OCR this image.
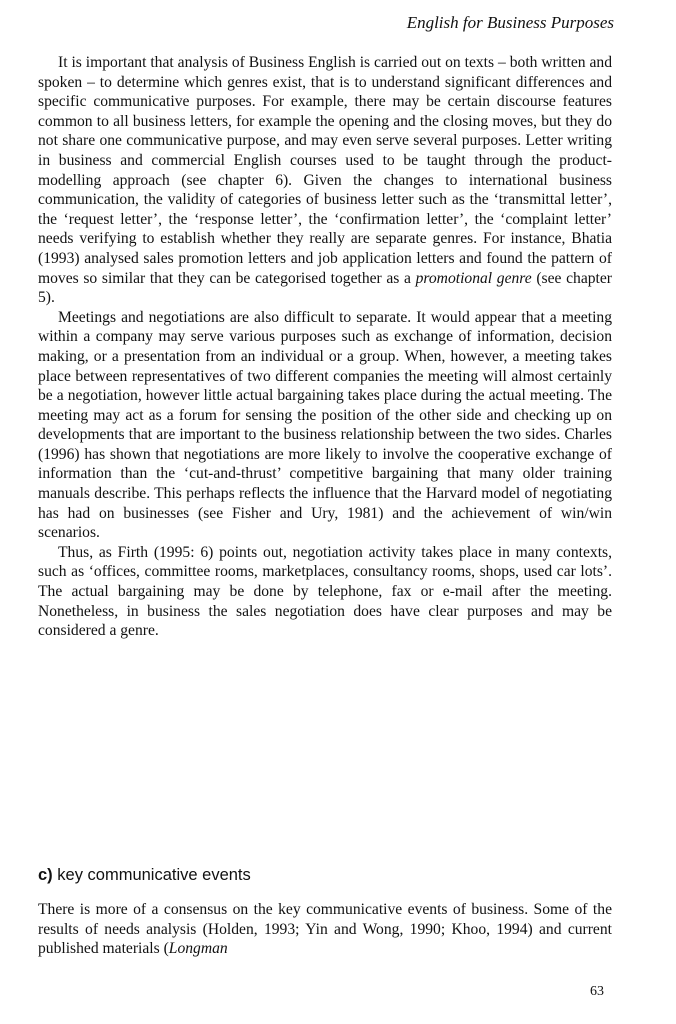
English for Business Purposes

It is important that analysis of Business English is carried out on texts – both written and spoken – to determine which genres exist, that is to understand significant differences and specific communicative purposes. For example, there may be certain discourse features common to all business letters, for example the opening and the closing moves, but they do not share one communicative purpose, and may even serve several purposes. Letter writing in business and commercial English courses used to be taught through the product-modelling approach (see chapter 6). Given the changes to international business communication, the validity of categories of business letter such as the ‘transmittal letter’, the ‘request letter’, the ‘response letter’, the ‘confirmation letter’, the ‘complaint letter’ needs verifying to establish whether they really are separate genres. For instance, Bhatia (1993) analysed sales promotion letters and job application letters and found the pattern of moves so similar that they can be categorised together as a promotional genre (see chapter 5).

Meetings and negotiations are also difficult to separate. It would appear that a meeting within a company may serve various purposes such as exchange of information, decision making, or a presentation from an individual or a group. When, however, a meeting takes place between representatives of two different companies the meeting will almost certainly be a negotiation, however little actual bargaining takes place during the actual meeting. The meeting may act as a forum for sensing the position of the other side and checking up on developments that are important to the business relationship between the two sides. Charles (1996) has shown that negotiations are more likely to involve the cooperative exchange of information than the ‘cut-and-thrust’ competitive bargaining that many older training manuals describe. This perhaps reflects the influence that the Harvard model of negotiating has had on businesses (see Fisher and Ury, 1981) and the achievement of win/win scenarios.

Thus, as Firth (1995: 6) points out, negotiation activity takes place in many contexts, such as ‘offices, committee rooms, marketplaces, consultancy rooms, shops, used car lots’. The actual bargaining may be done by telephone, fax or e-mail after the meeting. Nonetheless, in business the sales negotiation does have clear purposes and may be considered a genre.

c) key communicative events

There is more of a consensus on the key communicative events of business. Some of the results of needs analysis (Holden, 1993; Yin and Wong, 1990; Khoo, 1994) and current published materials (Longman

63
